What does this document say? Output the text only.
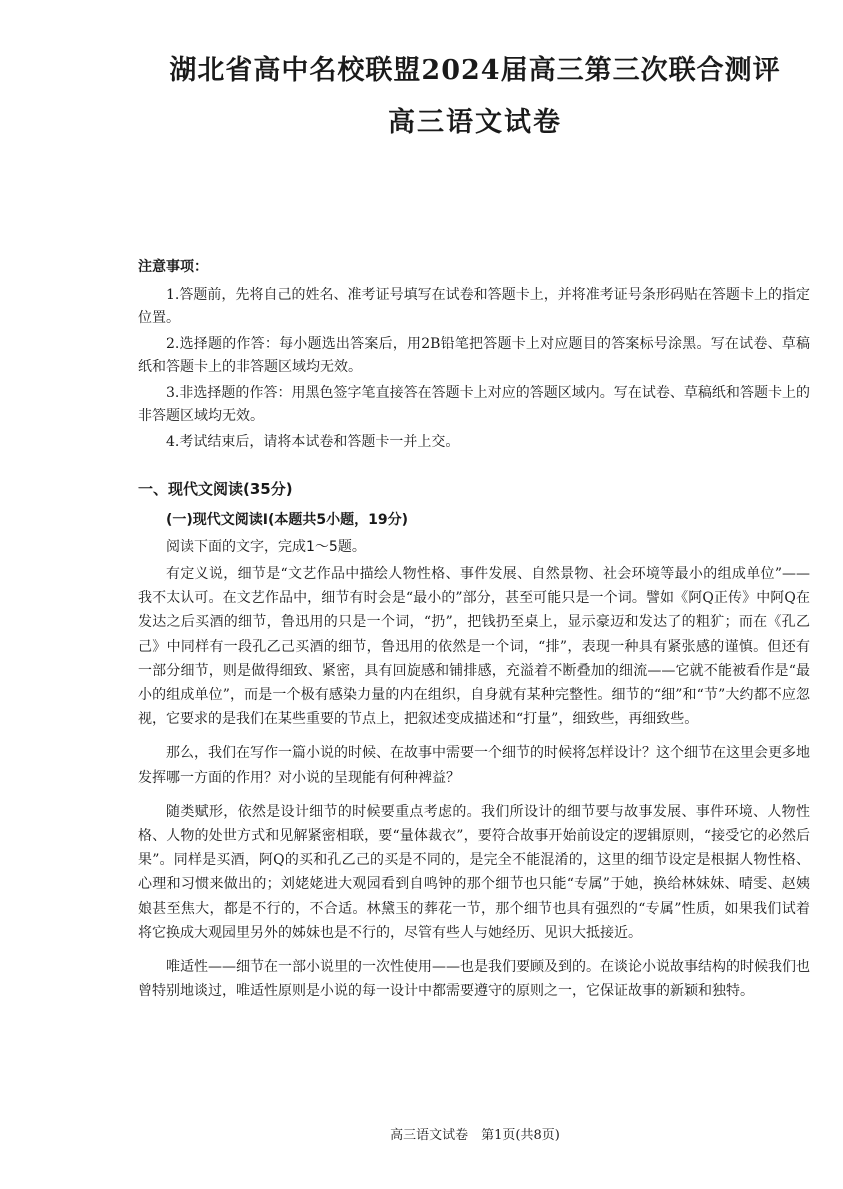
湖北省高中名校联盟2024届高三第三次联合测评
高三语文试卷
注意事项：

1.答题前，先将自己的姓名、准考证号填写在试卷和答题卡上，并将准考证号条形码贴在答题卡上的指定位置。

2.选择题的作答：每小题选出答案后，用2B铅笔把答题卡上对应题目的答案标号涂黑。写在试卷、草稿纸和答题卡上的非答题区域均无效。

3.非选择题的作答：用黑色签字笔直接答在答题卡上对应的答题区域内。写在试卷、草稿纸和答题卡上的非答题区域均无效。

4.考试结束后，请将本试卷和答题卡一并上交。

一、现代文阅读(35分)
(一)现代文阅读Ⅰ(本题共5小题，19分)
阅读下面的文字，完成1～5题。

有定义说，细节是“文艺作品中描绘人物性格、事件发展、自然景物、社会环境等最小的组成单位”——我不太认可。在文艺作品中，细节有时会是“最小的”部分，甚至可能只是一个词。譬如《阿Q正传》中阿Q在发达之后买酒的细节，鲁迅用的只是一个词，“扔”，把钱扔至桌上，显示豪迈和发达了的粗犷；而在《孔乙己》中同样有一段孔乙己买酒的细节，鲁迅用的依然是一个词，“排”，表现一种具有紧张感的谨慎。但还有一部分细节，则是做得细致、紧密，具有回旋感和铺排感，充溢着不断叠加的细流——它就不能被看作是“最小的组成单位”，而是一个极有感染力量的内在组织，自身就有某种完整性。细节的“细”和“节”大约都不应忽视，它要求的是我们在某些重要的节点上，把叙述变成描述和“打量”，细致些，再细致些。

那么，我们在写作一篇小说的时候、在故事中需要一个细节的时候将怎样设计？这个细节在这里会更多地发挥哪一方面的作用？对小说的呈现能有何种裨益？

随类赋形，依然是设计细节的时候要重点考虑的。我们所设计的细节要与故事发展、事件环境、人物性格、人物的处世方式和见解紧密相联，要“量体裁衣”，要符合故事开始前设定的逻辑原则，“接受它的必然后果”。同样是买酒，阿Q的买和孔乙己的买是不同的，是完全不能混淆的，这里的细节设定是根据人物性格、心理和习惯来做出的；刘姥姥进大观园看到自鸣钟的那个细节也只能“专属”于她，换给林妹妹、晴雯、赵姨娘甚至焦大，都是不行的，不合适。林黛玉的葬花一节，那个细节也具有强烈的“专属”性质，如果我们试着将它换成大观园里另外的姊妹也是不行的，尽管有些人与她经历、见识大抵接近。

唯适性——细节在一部小说里的一次性使用——也是我们要顾及到的。在谈论小说故事结构的时候我们也曾特别地谈过，唯适性原则是小说的每一设计中都需要遵守的原则之一，它保证故事的新颖和独特。

高三语文试卷　第1页(共8页)
